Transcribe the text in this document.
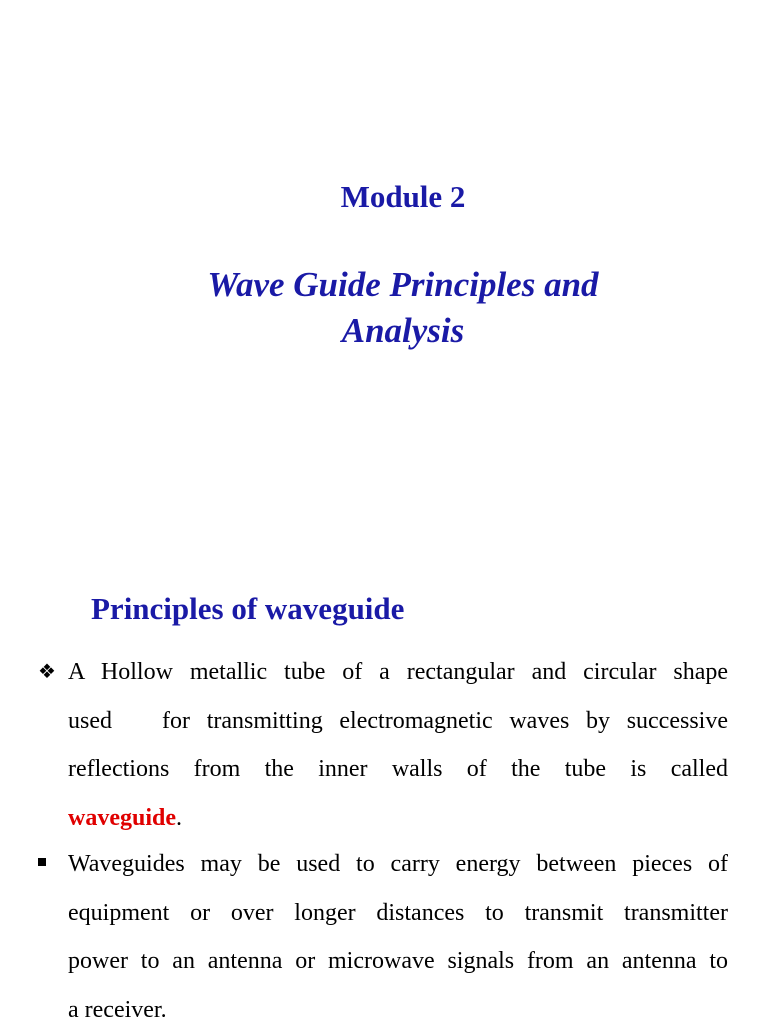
Module 2
Wave Guide Principles and
Analysis
Principles of waveguide
❖ A Hollow metallic tube of a rectangular and circular shape
used   for transmitting electromagnetic waves by successive
reflections from the inner walls of the tube is called
waveguide.
Waveguides may be used to carry energy between pieces of
equipment or over longer distances to transmit transmitter
power to an antenna or microwave signals from an antenna to
a receiver.
